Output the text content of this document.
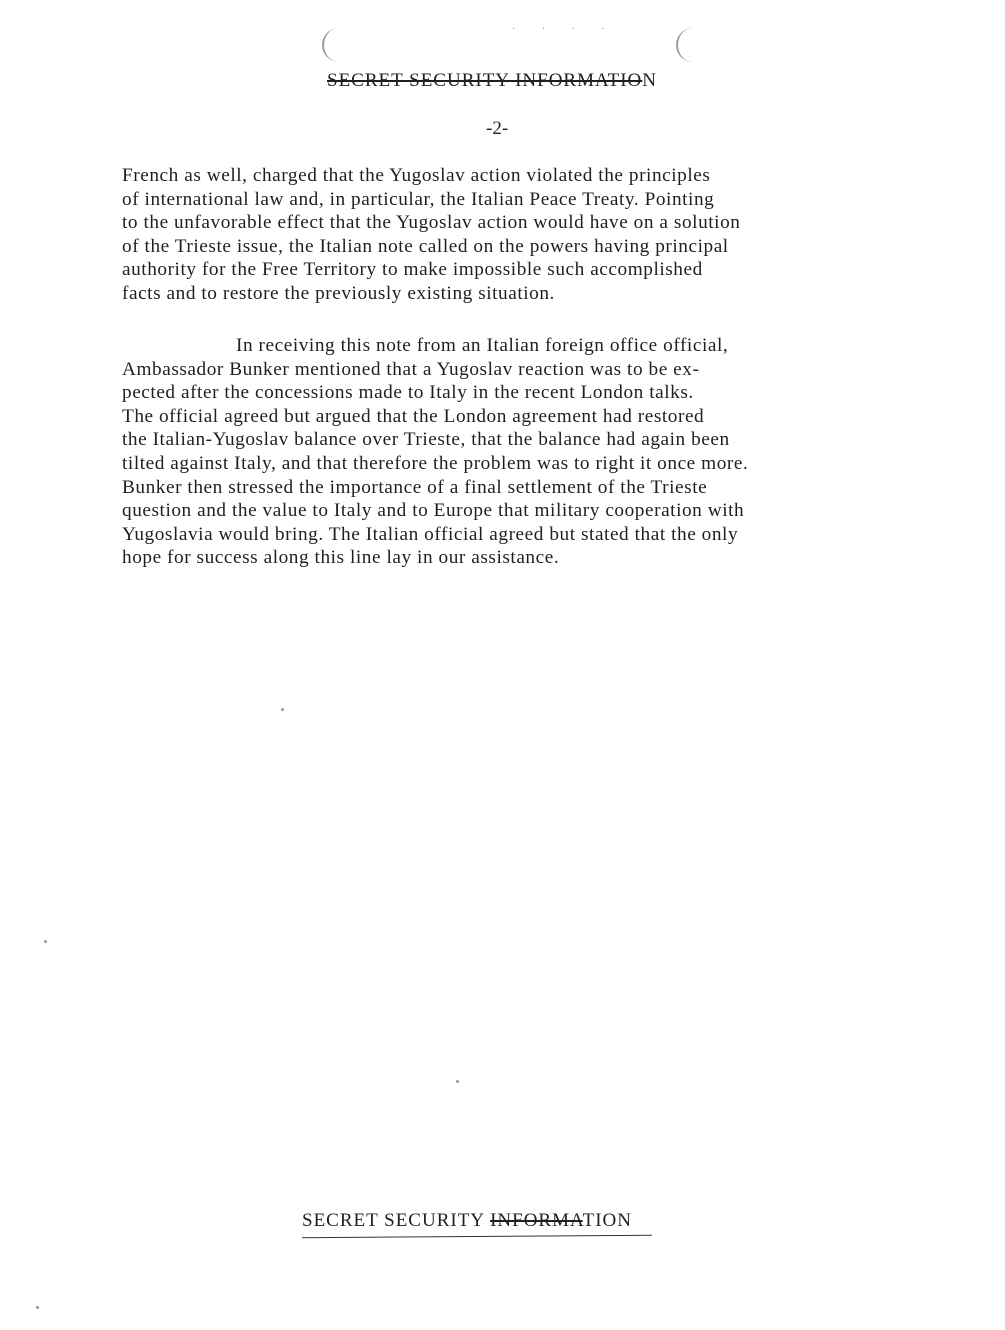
· · · ·
SECRET SECURITY INFORMATION
-2-
French as well, charged that the Yugoslav action violated the principles
of international law and, in particular, the Italian Peace Treaty. Pointing
to the unfavorable effect that the Yugoslav action would have on a solution
of the Trieste issue, the Italian note called on the powers having principal
authority for the Free Territory to make impossible such accomplished
facts and to restore the previously existing situation.
In receiving this note from an Italian foreign office official,
Ambassador Bunker mentioned that a Yugoslav reaction was to be ex-
pected after the concessions made to Italy in the recent London talks.
The official agreed but argued that the London agreement had restored
the Italian-Yugoslav balance over Trieste, that the balance had again been
tilted against Italy, and that therefore the problem was to right it once more.
Bunker then stressed the importance of a final settlement of the Trieste
question and the value to Italy and to Europe that military cooperation with
Yugoslavia would bring. The Italian official agreed but stated that the only
hope for success along this line lay in our assistance.
SECRET SECURITY INFORMATION
